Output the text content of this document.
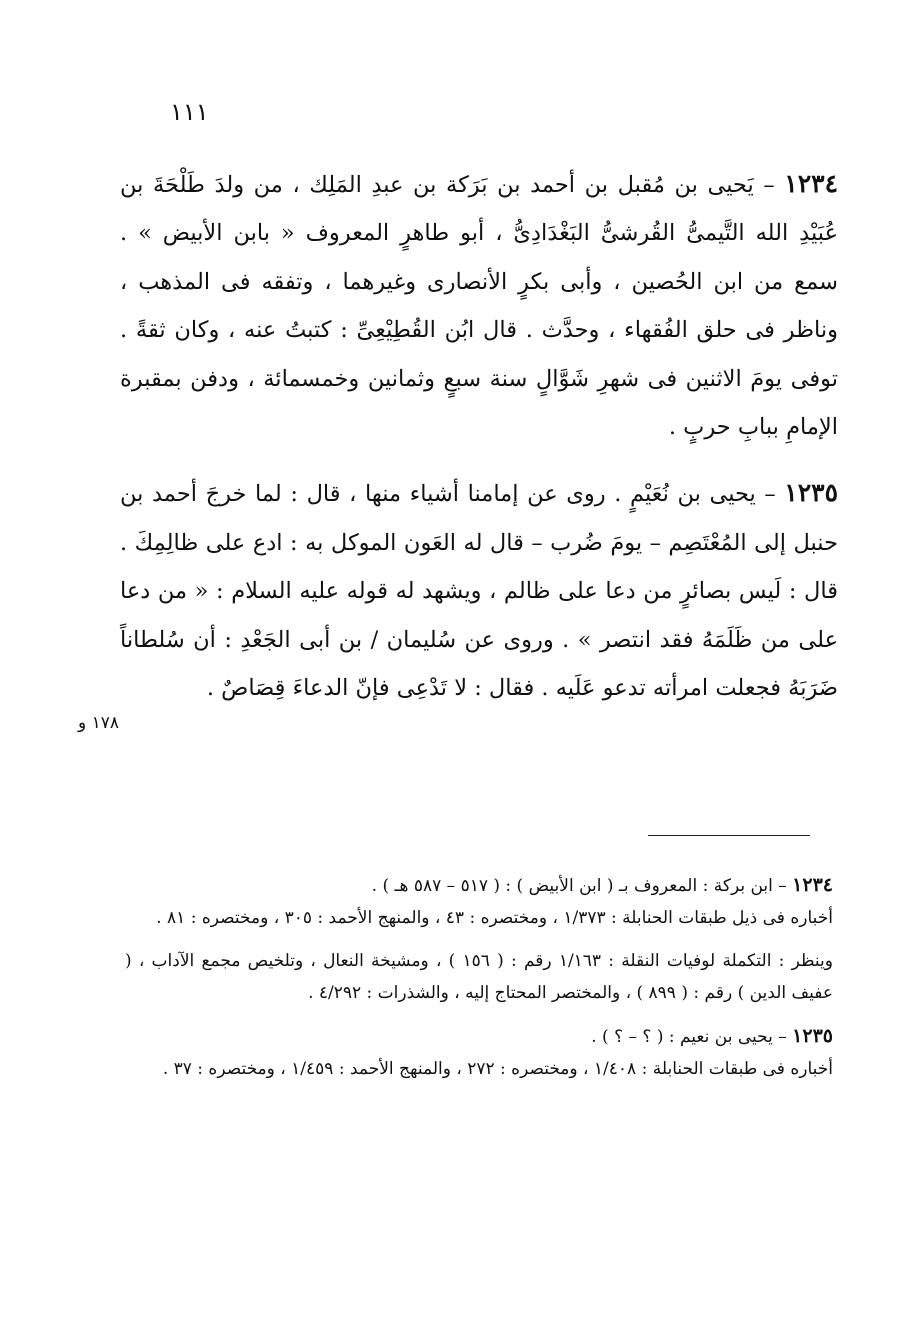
١١١

١٢٣٤ – يَحيى بن مُقبل بن أحمد بن بَرَكة بن عبدِ المَلِك ، من ولدَ طَلْحَةَ بن عُبَيْدِ الله التَّيمىُّ القُرشىُّ البَغْدَادِىُّ ، أبو طاهرٍ المعروف « بابن الأبيض » . سمع من ابن الحُصين ، وأبى بكرٍ الأنصارى وغيرهما ، وتفقه فى المذهب ، وناظر فى حلق الفُقهاء ، وحدَّث . قال ابُن القُطِيْعِىِّ : كتبتُ عنه ، وكان ثقةً . توفى يومَ الاثنين فى شهرِ شَوَّالٍ سنة سبعٍ وثمانين وخمسمائة ، ودفن بمقبرة الإمامِ ببابِ حربٍ .

١٢٣٥ – يحيى بن نُعَيْمٍ . روى عن إمامنا أشياء منها ، قال : لما خرجَ أحمد بن حنبل إلى المُعْتَصِم – يومَ ضُرب – قال له العَون الموكل به : ادع على ظالِمِكَ . قال : لَيس بصائرٍ من دعا على ظالم ، ويشهد له قوله عليه السلام : « من دعا على من ظَلَمَهُ فقد انتصر » . وروى عن سُليمان / بن أبى الجَعْدِ : أن سُلطاناً ضَرَبَهُ فجعلت امرأته تدعو عَلَيه . فقال : لا تَدْعِى فإنّ الدعاءَ قِصَاصٌ .

١٧٨ و

١٢٣٤ – ابن بركة : المعروف بـ ( ابن الأبيض ) : ( ٥١٧ – ٥٨٧ هـ ) .

أخباره فى ذيل طبقات الحنابلة : ١/٣٧٣ ، ومختصره : ٤٣ ، والمنهج الأحمد : ٣٠٥ ، ومختصره : ٨١ .

وينظر : التكملة لوفيات النقلة : ١/١٦٣ رقم : ( ١٥٦ ) ، ومشيخة النعال ، وتلخيص مجمع الآداب ، ( عفيف الدين ) رقم : ( ٨٩٩ ) ، والمختصر المحتاج إليه ، والشذرات : ٤/٢٩٢ .

١٢٣٥ – يحيى بن نعيم : ( ؟ – ؟ ) .

أخباره فى طبقات الحنابلة : ١/٤٠٨ ، ومختصره : ٢٧٢ ، والمنهج الأحمد : ١/٤٥٩ ، ومختصره : ٣٧ .
